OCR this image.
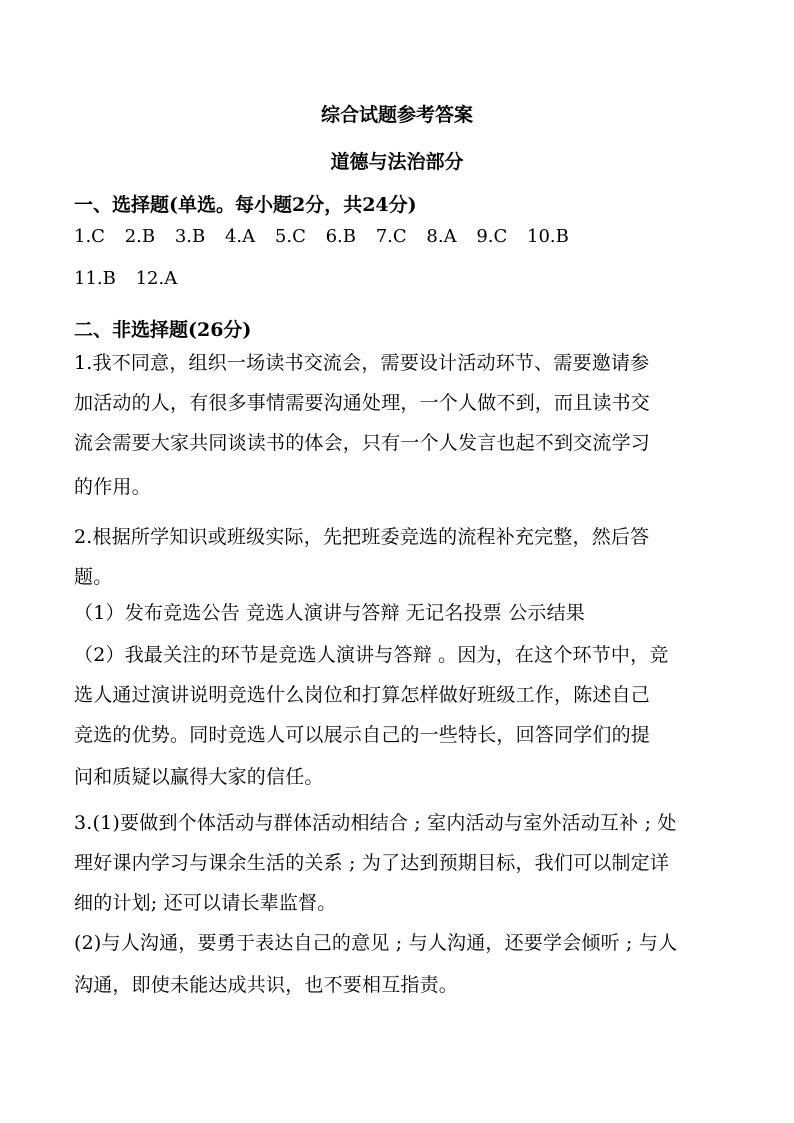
综合试题参考答案
道德与法治部分
一、选择题(单选。每小题2分，共24分)
1.C 2.B 3.B 4.A 5.C 6.B 7.C 8.A 9.C 10.B
11.B 12.A
二、非选择题(26分)
1.我不同意，组织一场读书交流会，需要设计活动环节、需要邀请参
加活动的人，有很多事情需要沟通处理，一个人做不到，而且读书交
流会需要大家共同谈读书的体会，只有一个人发言也起不到交流学习
的作用。
2.根据所学知识或班级实际，先把班委竞选的流程补充完整，然后答
题。
（1）发布竞选公告 竞选人演讲与答辩 无记名投票 公示结果
（2）我最关注的环节是竞选人演讲与答辩 。因为，在这个环节中，竞
选人通过演讲说明竞选什么岗位和打算怎样做好班级工作，陈述自己
竞选的优势。同时竞选人可以展示自己的一些特长，回答同学们的提
问和质疑以赢得大家的信任。
3.(1)要做到个体活动与群体活动相结合 ; 室内活动与室外活动互补 ; 处
理好课内学习与课余生活的关系 ; 为了达到预期目标，我们可以制定详
细的计划; 还可以请长辈监督。
(2)与人沟通，要勇于表达自己的意见 ; 与人沟通，还要学会倾听 ; 与人
沟通，即使未能达成共识，也不要相互指责。
